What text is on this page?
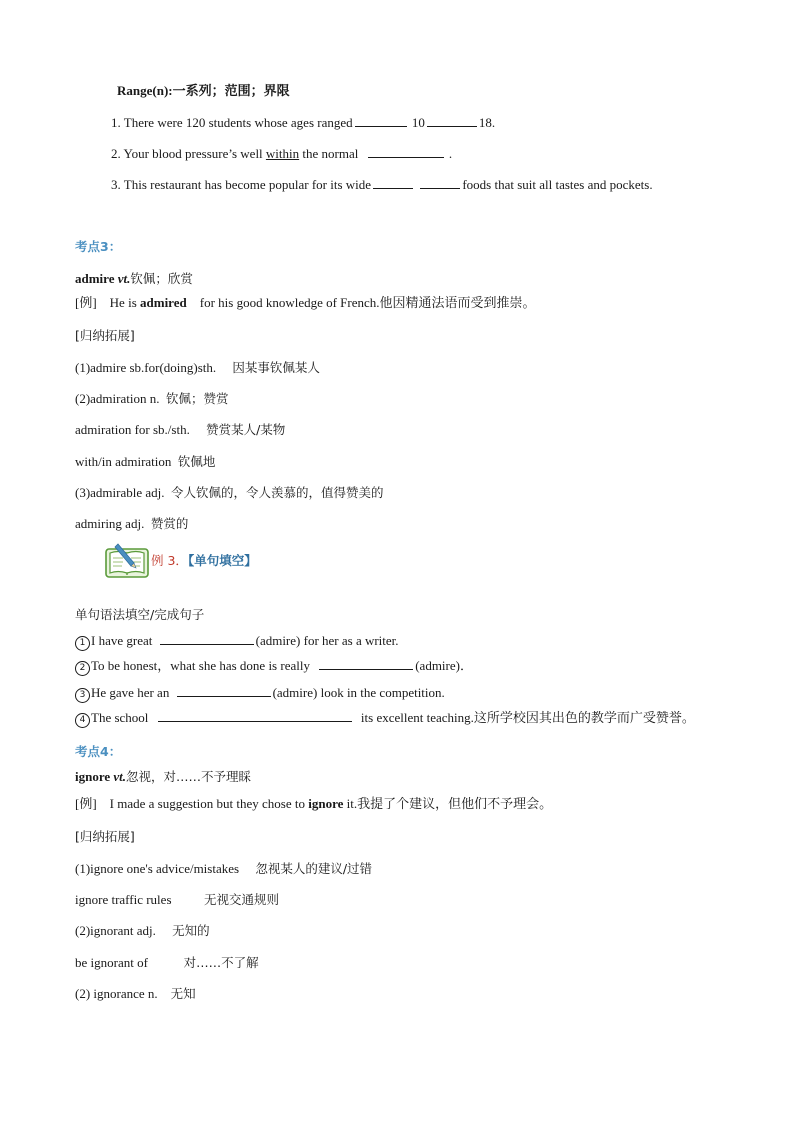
Range(n):一系列；范围；界限
1. There were 120 students whose ages ranged	10	18.
2. Your blood pressure’s well within the normal	.
3. This restaurant has become popular for its wide	foods that suit all tastes and pockets.
考点3：
admire vt.钦佩；欣赏
[例] He is admired for his good knowledge of French.他因精通法语而受到推崇。
[归纳拓展]
(1)admire sb.for(doing)sth. 因某事钦佩某人
(2)admiration n. 钦佩；赞赏
admiration for sb./sth. 赞赏某人/某物
with/in admiration 钦佩地
(3)admirable adj. 令人钦佩的，令人羡慕的，值得赞美的
admiring adj. 赞赏的
例 3．【单句填空】
单句语法填空/完成句子
1 I have great	(admire) for her as a writer.
2 To be honest，what she has done is really	(admire)．
3 He gave her an	(admire) look in the competition.
4 The school	its excellent teaching.这所学校因其出色的教学而广受赞誉。
考点4：
ignore vt.忽视，对……不予理睬
[例] I made a suggestion but they chose to ignore it.我提了个建议，但他们不予理会。
[归纳拓展]
(1)ignore one's advice/mistakes 忽视某人的建议/过错
ignore traffic rules	无视交通规则
(2)ignorant adj. 无知的
be ignorant of	对……不了解
(2) ignorance n. 无知
